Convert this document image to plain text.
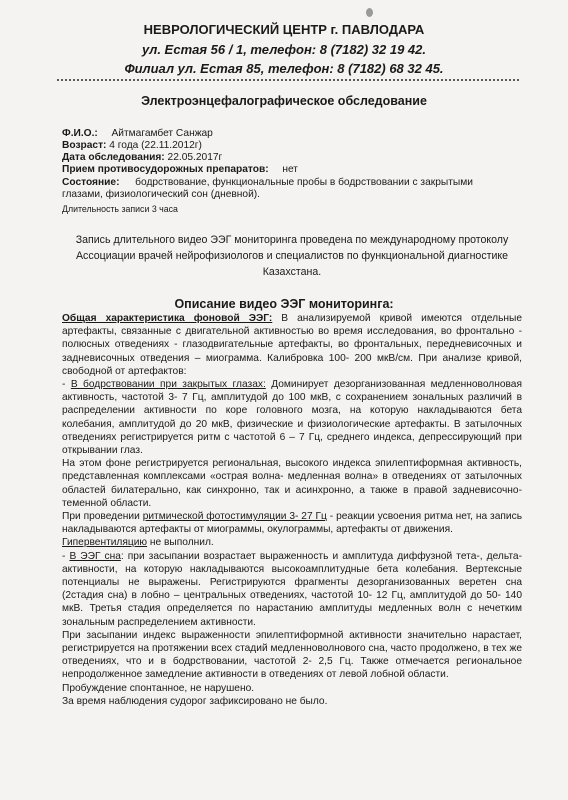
НЕВРОЛОГИЧЕСКИЙ ЦЕНТР г. ПАВЛОДАРА
ул. Естая 56 / 1, телефон: 8 (7182) 32 19 42.
Филиал ул. Естая 85, телефон: 8 (7182) 68 32 45.
Электроэнцефалографическое обследование
Ф.И.О.: Айтмагамбет Санжар
Возраст: 4 года (22.11.2012г)
Дата обследования: 22.05.2017г
Прием противосудорожных препаратов: нет
Состояние: бодрствование, функциональные пробы в бодрствовании с закрытыми
глазами, физиологический сон (дневной).
Длительность записи 3 часа
Запись длительного видео ЭЭГ мониторинга проведена по международному протоколу Ассоциации врачей нейрофизиологов и специалистов по функциональной диагностике Казахстана.
Описание видео ЭЭГ мониторинга:

Общая характеристика фоновой ЭЭГ: В анализируемой кривой имеются отдельные артефакты, связанные с двигательной активностью во время исследования, во фронтально - полюсных отведениях - глазодвигательные артефакты, во фронтальных, передневисочных и задневисочных отведения – миограмма. Калибровка 100- 200 мкВ/см. При анализе кривой, свободной от артефактов:

- В бодрствовании при закрытых глазах: Доминирует дезорганизованная медленноволновая активность, частотой 3- 7 Гц, амплитудой до 100 мкВ, с сохранением зональных различий в распределении активности по коре головного мозга, на которую накладываются бета колебания, амплитудой до 20 мкВ, физические и физиологические артефакты. В затылочных отведениях регистрируется ритм с частотой 6 – 7 Гц, среднего индекса, депрессирующий при открывании глаз.

На этом фоне регистрируется региональная, высокого индекса эпилептиформная активность, представленная комплексами «острая волна- медленная волна» в отведениях от затылочных областей билатерально, как синхронно, так и асинхронно, а также в правой задневисочно- теменной области.

При проведении ритмической фотостимуляции 3- 27 Гц - реакции усвоения ритма нет, на запись накладываются артефакты от миограммы, окулограммы, артефакты от движения.

Гипервентиляцию не выполнил.

- В ЭЭГ сна: при засыпании возрастает выраженность и амплитуда диффузной тета-, дельта- активности, на которую накладываются высокоамплитудные бета колебания. Вертексные потенциалы не выражены. Регистрируются фрагменты дезорганизованных веретен сна (2стадия сна) в лобно – центральных отведениях, частотой 10- 12 Гц, амплитудой до 50- 140 мкВ. Третья стадия определяется по нарастанию амплитуды медленных волн с нечетким зональным распределением активности.

При засыпании индекс выраженности эпилептиформной активности значительно нарастает, регистрируется на протяжении всех стадий медленноволнового сна, часто продолжено, в тех же отведениях, что и в бодрствовании, частотой 2- 2,5 Гц. Также отмечается региональное непродолженное замедление активности в отведениях от левой лобной области.

Пробуждение спонтанное, не нарушено.

За время наблюдения судорог зафиксировано не было.
